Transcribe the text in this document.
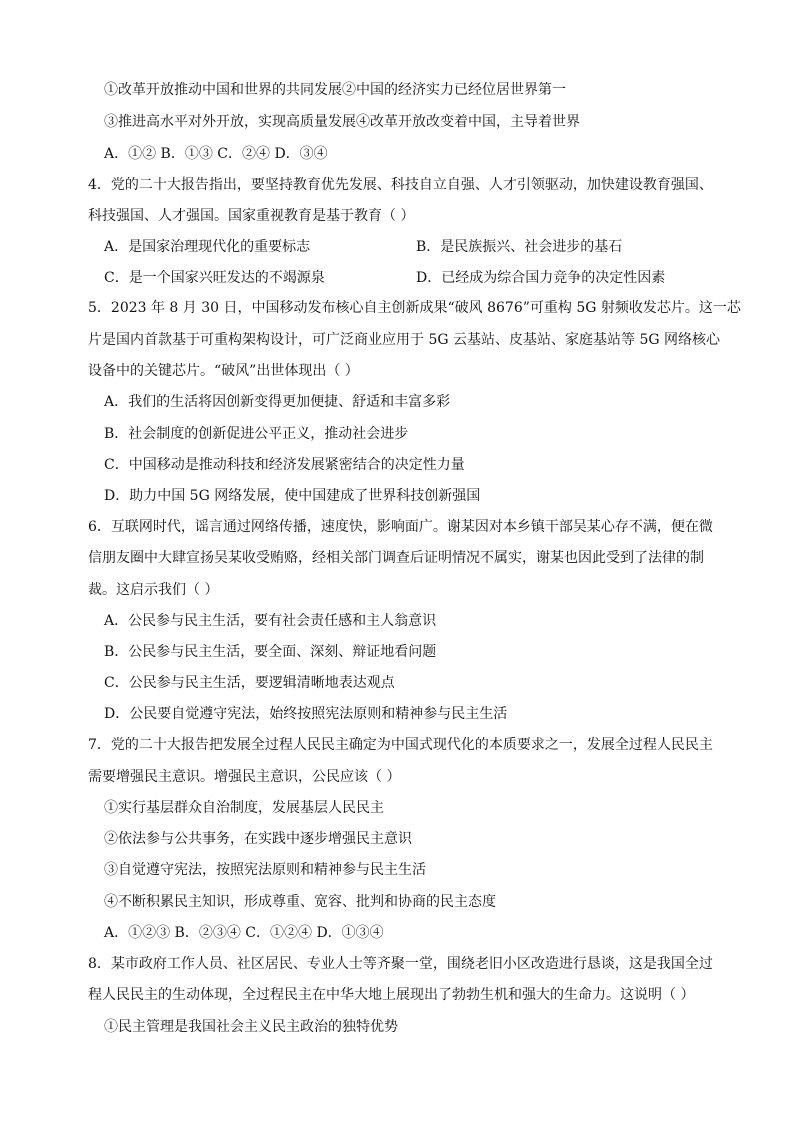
①改革开放推动中国和世界的共同发展②中国的经济实力已经位居世界第一
③推进高水平对外开放，实现高质量发展④改革开放改变着中国，主导着世界
A．①② B．①③ C．②④ D．③④
4．党的二十大报告指出，要坚持教育优先发展、科技自立自强、人才引领驱动，加快建设教育强国、
科技强国、人才强国。国家重视教育是基于教育（ ）
A．是国家治理现代化的重要标志	B．是民族振兴、社会进步的基石
C．是一个国家兴旺发达的不竭源泉	D．已经成为综合国力竞争的决定性因素
5．2023 年 8 月 30 日，中国移动发布核心自主创新成果“破风 8676”可重构 5G 射频收发芯片。这一芯
片是国内首款基于可重构架构设计，可广泛商业应用于 5G 云基站、皮基站、家庭基站等 5G 网络核心
设备中的关键芯片。“破风”出世体现出（ ）
A．我们的生活将因创新变得更加便捷、舒适和丰富多彩
B．社会制度的创新促进公平正义，推动社会进步
C．中国移动是推动科技和经济发展紧密结合的决定性力量
D．助力中国 5G 网络发展，使中国建成了世界科技创新强国
6．互联网时代，谣言通过网络传播，速度快，影响面广。谢某因对本乡镇干部吴某心存不满，便在微
信朋友圈中大肆宣扬吴某收受贿赂，经相关部门调查后证明情况不属实，谢某也因此受到了法律的制
裁。这启示我们（ ）
A．公民参与民主生活，要有社会责任感和主人翁意识
B．公民参与民主生活，要全面、深刻、辩证地看问题
C．公民参与民主生活，要逻辑清晰地表达观点
D．公民要自觉遵守宪法，始终按照宪法原则和精神参与民主生活
7．党的二十大报告把发展全过程人民民主确定为中国式现代化的本质要求之一，发展全过程人民民主
需要增强民主意识。增强民主意识，公民应该（ ）
①实行基层群众自治制度，发展基层人民民主
②依法参与公共事务，在实践中逐步增强民主意识
③自觉遵守宪法，按照宪法原则和精神参与民主生活
④不断积累民主知识，形成尊重、宽容、批判和协商的民主态度
A．①②③ B．②③④ C．①②④ D．①③④
8．某市政府工作人员、社区居民、专业人士等齐聚一堂，围绕老旧小区改造进行恳谈，这是我国全过
程人民民主的生动体现，全过程民主在中华大地上展现出了勃勃生机和强大的生命力。这说明（ ）
①民主管理是我国社会主义民主政治的独特优势
